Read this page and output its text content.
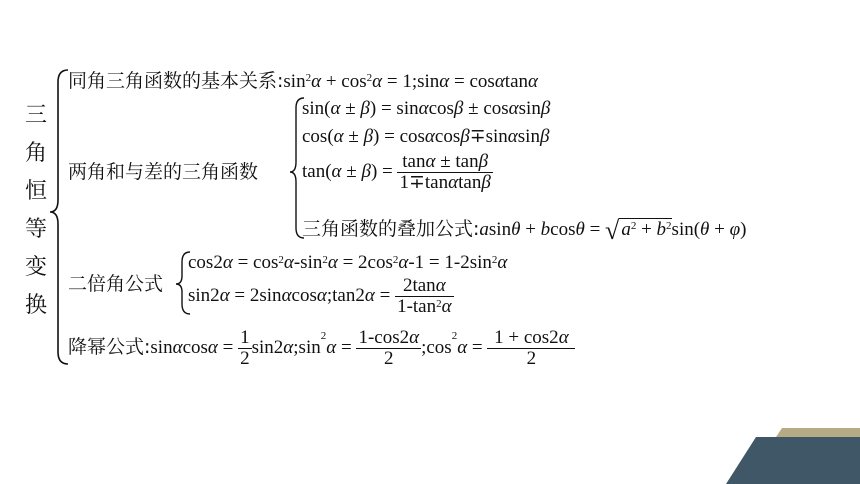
三
角
恒
等
变
换
同角三角函数的基本关系$:\sin^2\alpha + \cos^2\alpha$ = 1;sinα = cosαtanα
两角和与差的三角函数
sin(α ± β) = sinαcosβ ± cosαsinβ
cos(α ± β) = cosαcosβ∓sinαsinβ
$\tan(\alpha \pm \beta) = \frac{\tan\alpha \pm \tan\beta}{1\mp\tan\alpha\tan\beta}$
三角函数的叠加公式:asinθ + bcosθ = √ $a^2 + b^2\sin(\theta + \varphi)$
二倍角公式
$\cos 2\alpha = \cos^2\alpha-\sin^2\alpha = 2\cos^2\alpha-1 = 1-2\sin^2\alpha$
sin2α = 2sinαcosα;tan2α = $\frac{2\tan\alpha}{1-\tan^2\alpha}$
降幂公式:sinαcosα = $\frac{1}{2}$ $\sin 2\alpha;\sin^2\alpha = \frac{1-\cos 2\alpha}{2}$ $;\cos^2\alpha = \frac{1 + \cos 2\alpha}{2}$
